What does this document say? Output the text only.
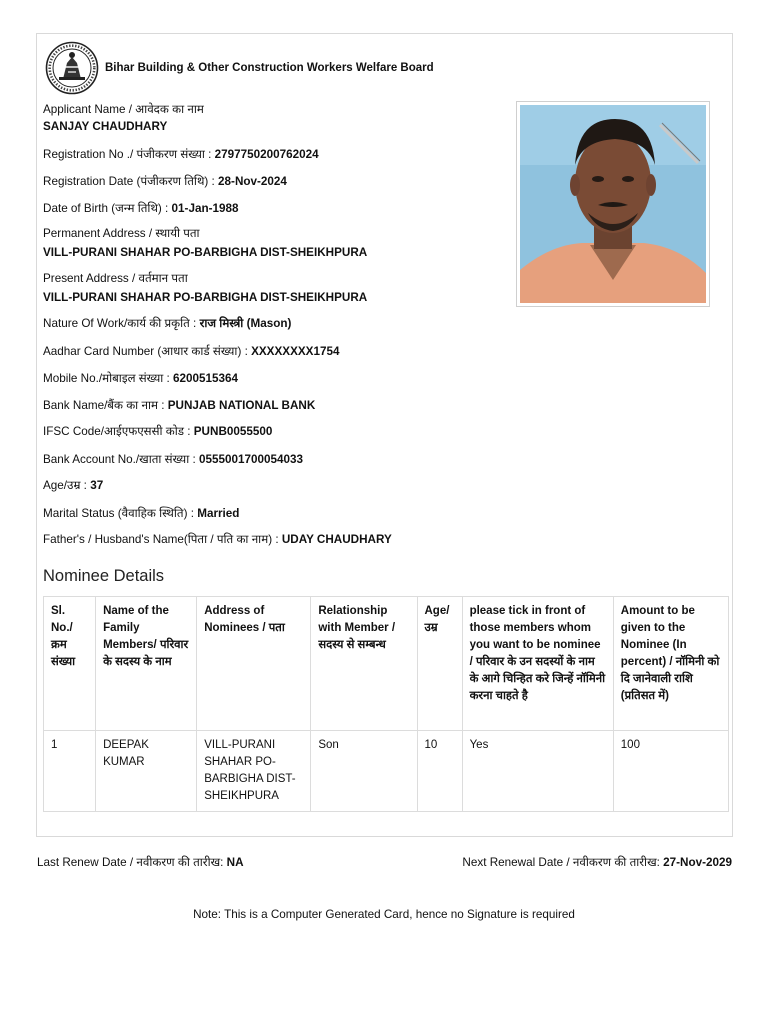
Bihar Building & Other Construction Workers Welfare Board
Applicant Name / आवेदक का नाम
SANJAY CHAUDHARY
Registration No ./ पंजीकरण संख्या : 2797750200762024
Registration Date (पंजीकरण तिथि) : 28-Nov-2024
Date of Birth (जन्म तिथि) : 01-Jan-1988
Permanent Address / स्थायी पता
VILL-PURANI SHAHAR PO-BARBIGHA DIST-SHEIKHPURA
Present Address / वर्तमान पता
VILL-PURANI SHAHAR PO-BARBIGHA DIST-SHEIKHPURA
Nature Of Work/कार्य की प्रकृति : राज मिस्त्री (Mason)
Aadhar Card Number (आधार कार्ड संख्या) : XXXXXXXX1754
Mobile No./मोबाइल संख्या : 6200515364
Bank Name/बैंक का नाम : PUNJAB NATIONAL BANK
IFSC Code/आईएफएससी कोड : PUNB0055500
Bank Account No./खाता संख्या : 0555001700054033
Age/उम्र : 37
Marital Status (वैवाहिक स्थिति) : Married
Father's / Husband's Name(पिता / पति का नाम) : UDAY CHAUDHARY
Nominee Details
Sl. No./ क्रम संख्या	Name of the Family Members/ परिवार के सदस्य के नाम	Address of Nominees / पता	Relationship with Member / सदस्य से सम्बन्ध	Age/ उम्र	please tick in front of those members whom you want to be nominee / परिवार के उन सदस्यों के नाम के आगे चिन्हित करे जिन्हें नॉमिनी करना चाहते है	Amount to be given to the Nominee (In percent) / नॉमिनी को दि जानेवाली राशि (प्रतिसत में)
1	DEEPAK KUMAR	VILL-PURANI SHAHAR PO-BARBIGHA DIST-SHEIKHPURA	Son	10	Yes	100
Last Renew Date / नवीकरण की तारीख: NA	Next Renewal Date / नवीकरण की तारीख: 27-Nov-2029
Note: This is a Computer Generated Card, hence no Signature is required
